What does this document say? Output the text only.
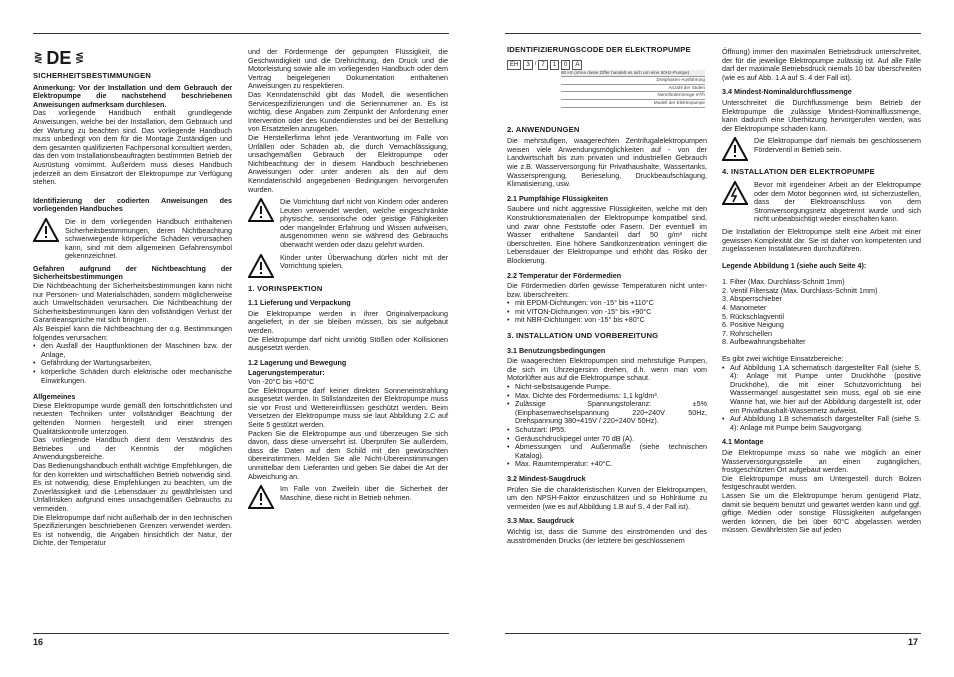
⋛ DE ⋚
SICHERHEITSBESTIMMUNGEN

Anmerkung: Vor der Installation und dem Gebrauch der Elektropumpe die nachstehend beschriebenen Anweisungen aufmerksam durchlesen.

Das vorliegende Handbuch enthält grundlegende Anweisungen, welche bei der Installation, dem Gebrauch und der Wartung zu beachten sind. Das vorliegende Handbuch muss unbedingt von dem für die Montage Zuständigen und dem gesamten qualifizierten Fachpersonal konsultiert werden, das den vom Installationsbeauftragten bestimmten Betrieb der Ausrüstung vornimmt. Außerdem muss dieses Handbuch jederzeit an dem Einsatzort der Elektropumpe zur Verfügung stehen.

Identifizierung der codierten Anweisungen des vorliegenden Handbuches

Die in dem vorliegenden Handbuch enthaltenen Sicherheitsbestimmungen, deren Nichtbeachtung schwerwiegende körperliche Schäden verursachen kann, sind mit dem allgemeinen Gefahrensymbol gekennzeichnet.

Gefahren aufgrund der Nichtbeachtung der Sicherheitsbestimmungen

Die Nichtbeachtung der Sicherheitsbestimmungen kann nicht nur Personen- und Materialschäden, sondern möglicherweise auch Umweltschäden verursachen. Die Nichtbeachtung der Sicherheitsbestimmungen kann den vollständigen Verlust der Garantieansprüche mit sich bringen.

Als Beispiel kann die Nichtbeachtung der o.g. Bestimmungen folgendes verursachen:

• den Ausfall der Hauptfunktionen der Maschinen bzw. der Anlage,
• Gefährdung der Wartungsarbeiten,
• körperliche Schäden durch elektrische oder mechanische Einwirkungen.

Allgemeines

Diese Elektropumpe wurde gemäß den fortschrittlichsten und neuesten Techniken unter vollständiger Beachtung der geltenden Normen hergestellt und einer strengen Qualitätskontrolle unterzogen.

Das vorliegende Handbuch dient dem Verständnis des Betriebes und der Kenntnis der möglichen Anwendungsbereiche.

Das Bedienungshandbuch enthält wichtige Empfehlungen, die für den korrekten und wirtschaftlichen Betrieb notwendig sind. Es ist notwendig, diese Empfehlungen zu beachten, um die Zuverlässigkeit und die Lebensdauer zu gewährleisten und Unfallrisiken aufgrund eines unsachgemäßen Gebrauchs zu vermeiden.

Die Elektropumpe darf nicht außerhalb der in den technischen Spezifizierungen beschriebenen Grenzen verwendet werden. Es ist notwendig, die Angaben hinsichtlich der Natur, der Dichte, der Temperatur

und der Fördermenge der gepumpten Flüssigkeit, die Geschwindigkeit und die Drehrichtung, den Druck und die Motorleistung sowie alle im vorliegenden Handbuch oder dem Vertrag beigelegenen Dokumentation enthaltenen Anweisungen zu respektieren.

Das Kenndatenschild gibt das Modell, die wesentlichen Servicespezifizierungen und die Seriennummer an. Es ist wichtig, diese Angaben zum Zeitpunkt der Anforderung einer Intervention oder des Kundendienstes und bei der Bestellung von Ersatzteilen anzugeben.

Die Herstellerfirma lehnt jede Verantwortung im Falle von Unfällen oder Schäden ab, die durch Vernachlässigung, unsachgemäßen Gebrauch der Elektropumpe oder Nichtbeachtung der in diesem Handbuch beschriebenen Anweisungen oder unter anderen als den auf dem Kenndatenschild angegebenen Bedingungen hervorgerufen wurden.

Die Vorrichtung darf nicht von Kindern oder anderen Leuten verwendet werden, welche eingeschränkte physische, sensorische oder geistige Fähigkeiten oder mangelnder Erfahrung und Wissen aufweisen, ausgenommen wenn sie während des Gebrauchs überwacht werden oder dazu gelehrt wurden.

Kinder unter Überwachung dürfen nicht mit der Vorrichtung spielen.

1. VORINSPEKTION
1.1 Lieferung und Verpackung

Die Elektropumpe werden in ihrer Originalverpackung angeliefert, in der sie bleiben müssen, bis sie aufgebaut werden.

Die Elektropumpe darf nicht unnötig Stößen oder Kollisionen ausgesetzt werden.

1.2 Lagerung und Bewegung

Lagerungstemperatur:

Von -20°C bis +60°C

Die Elektropumpe darf keiner direkten Sonneneinstrahlung ausgesetzt werden. In Stillstandzeiten der Elektropumpe muss sie vor Frost und Wettereinflüssen geschützt werden. Beim Versetzen der Elektropumpe muss sie laut Abbildung 2.C auf Seite 5 gestützt werden.

Packen Sie die Elektropumpe aus und überzeugen Sie sich davon, dass diese unversehrt ist. Überprüfen Sie außerdem, dass die Daten auf dem Schild mit den gewünschten übereinstimmen. Melden Sie alle Nicht-Übereinstimmungen unmittelbar dem Lieferanten und geben Sie dabei die Art der Abweichung an.

Im Falle von Zweifeln über die Sicherheit der Maschine, diese nicht in Betrieb nehmen.

16
IDENTIFIZIERUNGSCODE DER ELEKTROPUMPE
EH	3 / 7	1	0	A
60 Hz (ohne diese Ziffer handelt es sich um eine 50Hz-Pumpe)
Dreiphasen-Ausführung
Anzahl der Stufen
Nennfördermenge m³/h
Modell der Elektropumpe
2. ANWENDUNGEN

Die mehrstufigen, waagerechten Zentrifugalelektropumpen weisen viele Anwendungsmöglichkeiten auf - von der Landwirtschaft bis zum privaten und industriellen Gebrauch wie z.B. Wasserversorgung für Privathaushalte, Wassertanks, Wassersprengung, Berieselung, Druckbeaufschlagung, Klimatisierung, usw.

2.1 Pumpfähige Flüssigkeiten

Saubere und nicht aggressive Flüssigkeiten, welche mit den Konstruktionsmaterialien der Elektropumpe kompatibel sind, und zwar ohne Feststoffe oder Fasern. Der eventuell im Wasser enthaltene Sandanteil darf 50 g/m³ nicht überschreiten. Eine höhere Sandkonzentration verringert die Lebensdauer der Elektropumpe und erhöht das Risiko der Blockierung.

2.2 Temperatur der Fördermedien

Die Fördermedien dürfen gewisse Temperaturen nicht unter- bzw. überschreiten:

• mit EPDM-Dichtungen: von -15° bis +110°C
• mit VITON-Dichtungen: von -15° bis +90°C
• mit NBR-Dichtungen: von -15° bis +80°C
3. INSTALLATION UND VORBEREITUNG
3.1 Benutzungsbedingungen

Die waagerechten Elektropumpen sind mehrstufige Pumpen, die sich im Uhrzeigersinn drehen, d.h. wenn man vom Motorlüfter aus auf die Elektropumpe schaut.

• Nicht-selbstsaugende Pumpe.
• Max. Dichte des Fördermediums: 1,1 kg/dm³.
• Zulässige Spannungstoleranz: ±5% (Einphasenwechselspannung 220÷240V 50Hz, Drehspannung 380÷415V / 220÷240V 50Hz).
• Schutzart: IP55.
• Geräuschdruckpegel unter 70 dB (A).
• Abmessungen und Außenmaße (siehe technischen Katalog).
• Max. Raumtemperatur: +40°C.
3.2 Mindest-Saugdruck

Prüfen Sie die charakteristischen Kurven der Elektropumpen, um den NPSH-Faktor einzuschätzen und so Hohlräume zu vermeiden (wie es auf Abbildung 1.B auf S. 4 der Fall ist).

3.3 Max. Saugdruck

Wichtig ist, dass die Summe des einströmenden und des ausströmenden Drucks (der letztere bei geschlossenem

Öffnung) immer den maximalen Betriebsdruck unterschreitet, der für die jeweilige Elektropumpe zulässig ist. Auf alle Fälle darf der maximale Betriebsdruck niemals 10 bar überschreiten (wie es auf Abb. 1.A auf S. 4 der Fall ist).

3.4 Mindest-Nominaldurchflussmenge

Unterschreitet die Durchflussmenge beim Betrieb der Elektropumpe die zulässige Mindest-Nominalflussmenge, kann dadurch eine Überhitzung hervorgerufen werden, was der Elektropumpe schaden kann.

Die Elektropumpe darf niemals bei geschlossenem Förderventil in Betrieb sein.

4. INSTALLATION DER ELEKTROPUMPE

Bevor mit irgendeiner Arbeit an der Elektropumpe oder dem Motor begonnen wird, ist sicherzustellen, dass der Elektroanschluss von dem Stromversorgungsnetz abgetrennt wurde und sich nicht unbeabsichtigt wieder einschalten kann.

Die Installation der Elektropumpe stellt eine Arbeit mit einer gewissen Komplexität dar. Sie ist daher von kompetenten und zugelassenen Installateuren durchzuführen.

Legende Abbildung 1 (siehe auch Seite 4):

1. Filter (Max. Durchlass-Schnitt 1mm)

2. Ventil Filtersatz (Max. Durchlass-Schnitt 1mm)

3. Absperrschieber

4. Manometer

5. Rückschlagventil

6. Positive Neigung

7. Rohrschellen

8. Aufbewahrungsbehälter

Es gibt zwei wichtige Einsatzbereiche:

• Auf Abbildung 1.A schematisch dargestellter Fall (siehe S. 4): Anlage mit Pumpe unter Druckhöhe (positive Druckhöhe), die mit einer Schutzvorrichtung bei Wassermangel ausgestattet sein muss, egal ob sie eine Wanne hat, wie hier auf der Abbildung dargestellt ist, oder ein Privathaushalt-Wassernetz aufweist.
• Auf Abbildung 1.B schematisch dargestellter Fall (siehe S. 4): Anlage mit Pumpe beim Saugvorgang.
4.1 Montage

Die Elektropumpe muss so nahe wie möglich an einer Wasserversorgungsstelle an einen zugänglichen, frostgeschützten Ort aufgebaut werden.

Die Elektropumpe muss am Untergestell durch Bolzen festgeschraubt werden.

Lassen Sie um die Elektropumpe herum genügend Platz, damit sie bequem benutzt und gewartet werden kann und ggf. giftige Medien oder sonstige Flüssigkeiten aufgefangen werden können, die bei über 60°C abgelassen werden müssen. Gewährleisten Sie auf jeden

17
